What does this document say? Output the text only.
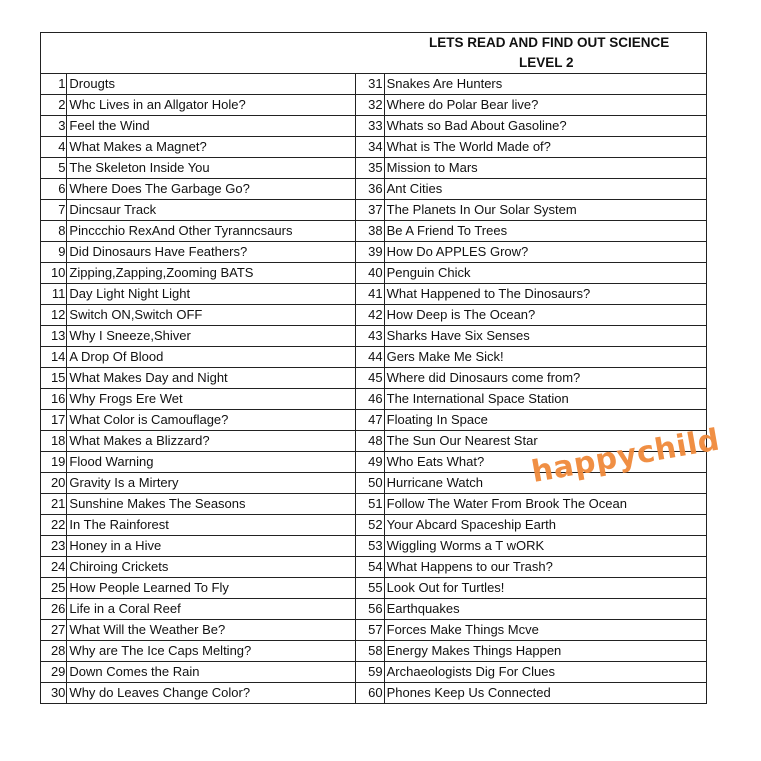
LETS READ AND FIND OUT SCIENCE			
LEVEL 2			
1	Drougts	31	Snakes Are Hunters
2	Whc Lives in an Allgator Hole?	32	Where do Polar Bear live?
3	Feel the Wind	33	Whats so Bad About Gasoline?
4	What Makes a Magnet?	34	What is The World Made of?
5	The Skeleton Inside You	35	Mission to Mars
6	Where Does The Garbage Go?	36	Ant Cities
7	Dincsaur Track	37	The Planets In Our Solar System
8	Pinccchio RexAnd Other Tyranncsaurs	38	Be A Friend To Trees
9	Did Dinosaurs Have Feathers?	39	How Do APPLES Grow?
10	Zipping,Zapping,Zooming BATS	40	Penguin Chick
11	Day Light Night Light	41	What Happened to The Dinosaurs?
12	Switch ON,Switch OFF	42	How Deep is The Ocean?
13	Why I Sneeze,Shiver	43	Sharks Have Six Senses
14	A Drop Of Blood	44	Gers Make Me Sick!
15	What Makes Day and Night	45	Where did Dinosaurs come from?
16	Why Frogs Ere Wet	46	The International Space Station
17	What Color is Camouflage?	47	Floating In Space
18	What Makes a Blizzard?	48	The Sun Our Nearest Star
19	Flood Warning	49	Who Eats What?
20	Gravity Is a Mirtery	50	Hurricane Watch
21	Sunshine Makes The Seasons	51	Follow The Water From Brook The Ocean
22	In The Rainforest	52	Your Abcard Spaceship Earth
23	Honey in a Hive	53	Wiggling Worms a T wORK
24	Chiroing Crickets	54	What Happens to our Trash?
25	How People Learned To Fly	55	Look Out for Turtles!
26	Life in a Coral Reef	56	Earthquakes
27	What Will the Weather Be?	57	Forces Make Things Mcve
28	Why are The Ice Caps Melting?	58	Energy Makes Things Happen
29	Down Comes the Rain	59	Archaeologists Dig For Clues
30	Why do Leaves Change Color?	60	Phones Keep Us Connected
happychild
